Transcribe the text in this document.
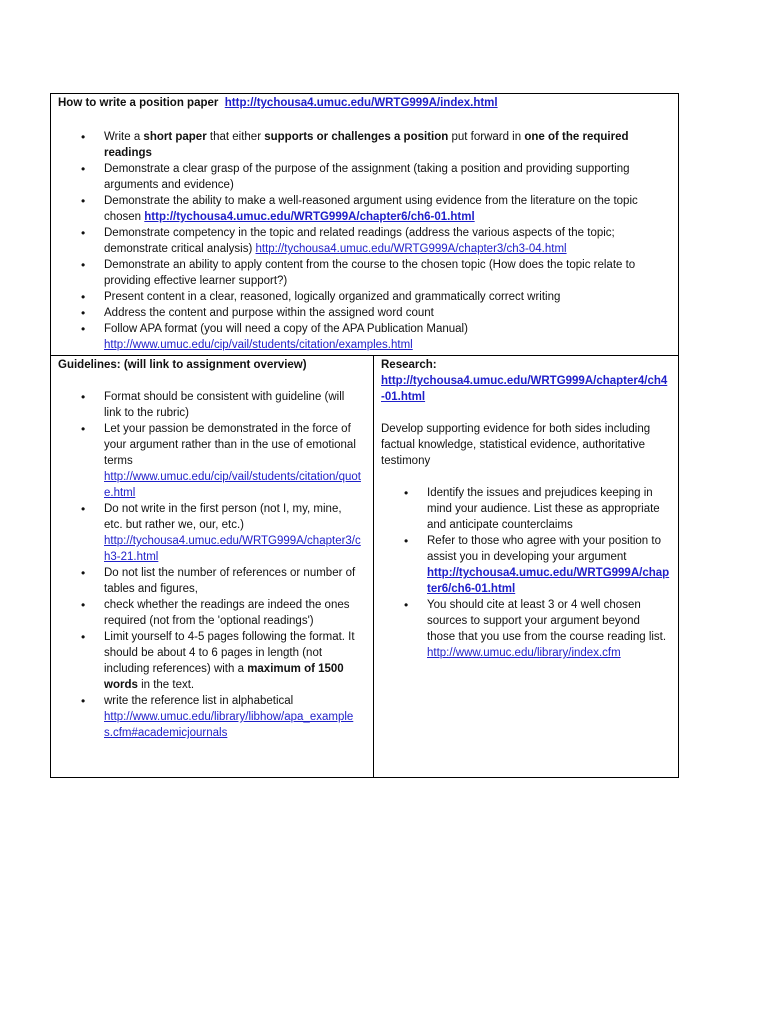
How to write a position paper http://tychousa4.umuc.edu/WRTG999A/index.html
• Write a short paper that either supports or challenges a position put forward in one of the required readings
• Demonstrate a clear grasp of the purpose of the assignment (taking a position and providing supporting arguments and evidence)
• Demonstrate the ability to make a well-reasoned argument using evidence from the literature on the topic chosen http://tychousa4.umuc.edu/WRTG999A/chapter6/ch6-01.html
• Demonstrate competency in the topic and related readings (address the various aspects of the topic; demonstrate critical analysis) http://tychousa4.umuc.edu/WRTG999A/chapter3/ch3-04.html
• Demonstrate an ability to apply content from the course to the chosen topic (How does the topic relate to providing effective learner support?)
• Present content in a clear, reasoned, logically organized and grammatically correct writing
• Address the content and purpose within the assigned word count
• Follow APA format (you will need a copy of the APA Publication Manual)
http://www.umuc.edu/cip/vail/students/citation/examples.html
Guidelines: (will link to assignment overview)
• Format should be consistent with guideline (will link to the rubric)
• Let your passion be demonstrated in the force of your argument rather than in the use of emotional terms
http://www.umuc.edu/cip/vail/students/citation/quote.html
• Do not write in the first person (not I, my, mine, etc. but rather we, our, etc.)
http://tychousa4.umuc.edu/WRTG999A/chapter3/ch3-21.html
• Do not list the number of references or number of tables and figures,
• check whether the readings are indeed the ones required (not from the 'optional readings')
• Limit yourself to 4-5 pages following the format. It should be about 4 to 6 pages in length (not including references) with a maximum of 1500 words in the text.
• write the reference list in alphabetical
http://www.umuc.edu/library/libhow/apa_examples.cfm#academicjournals
Research:
http://tychousa4.umuc.edu/WRTG999A/chapter4/ch4-01.html

Develop supporting evidence for both sides including factual knowledge, statistical evidence, authoritative testimony

• Identify the issues and prejudices keeping in mind your audience. List these as appropriate and anticipate counterclaims
• Refer to those who agree with your position to assist you in developing your argument
http://tychousa4.umuc.edu/WRTG999A/chapter6/ch6-01.html
• You should cite at least 3 or 4 well chosen sources to support your argument beyond those that you use from the course reading list.
http://www.umuc.edu/library/index.cfm
